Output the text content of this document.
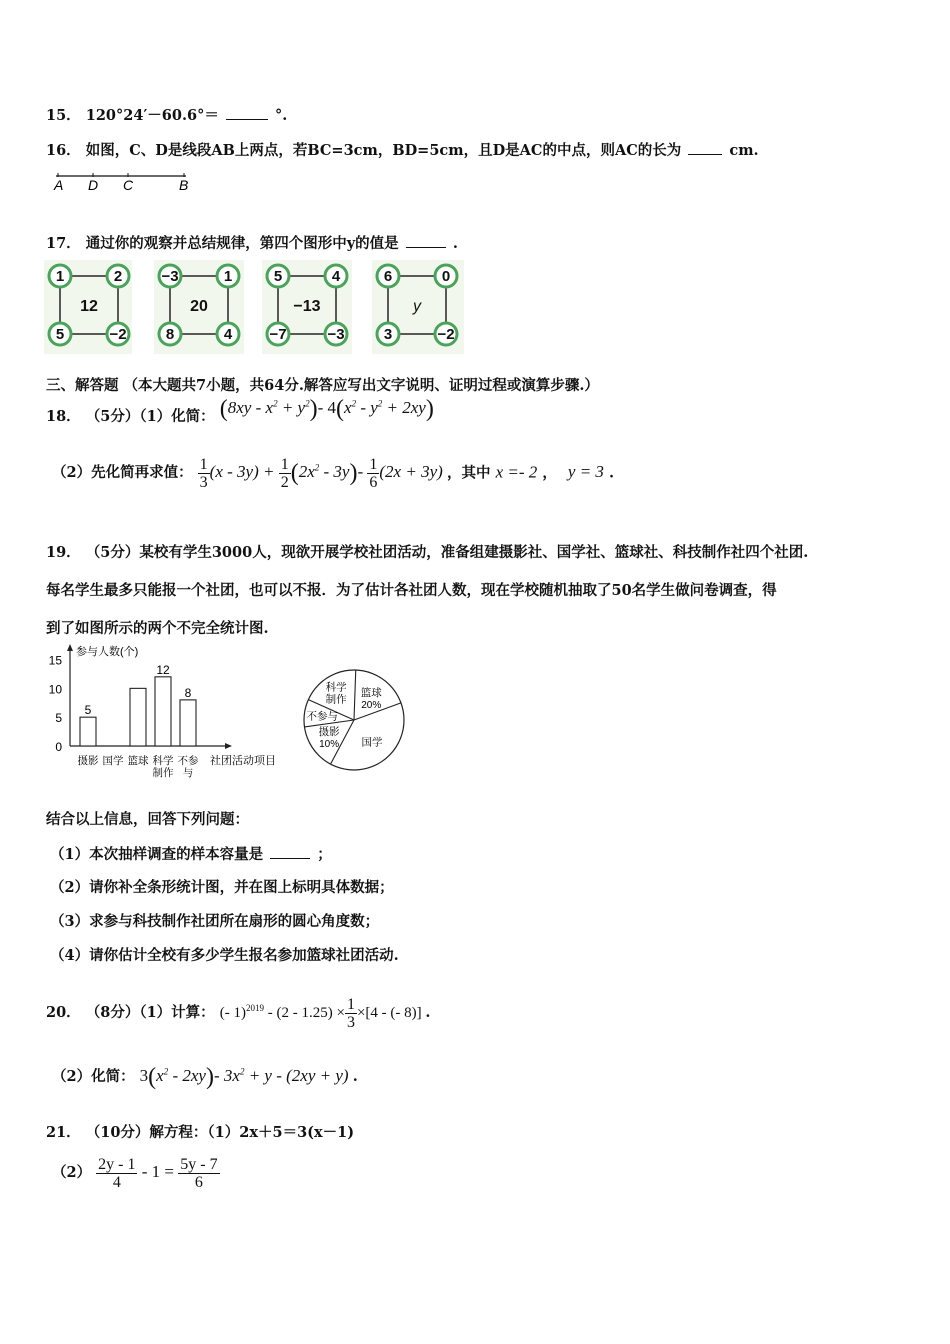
15． 120°24′－60.6°＝	°.
16． 如图，C、D是线段AB上两点，若BC=3cm，BD=5cm，且D是AC的中点，则AC的长为	cm.
A D C	B
17． 通过你的观察并总结规律，第四个图形中y的值是	.
1	2
5	−2
12
−3	1
8	4
20
5	4
−7	−3
−13
6	0
3	−2
y
三、解答题 （本大题共7小题，共64分.解答应写出文字说明、证明过程或演算步骤.）
18． （5分）（1）化简： $(8xy - x^2 + y^2)-$ $4(x^2 - y^2 + 2xy)$
（2）先化简再求值： $\frac{1}{3} (x - 3y) + \frac{1}{2} (2x^2 - 3y)- \frac{1}{6} (2x + 3y)$ ，其中 x =- 2 ， y = 3 .
19． （5分）某校有学生3000人，现欲开展学校社团活动，准备组建摄影社、国学社、篮球社、科技制作社四个社团.
每名学生最多只能报一个社团，也可以不报．为了估计各社团人数，现在学校随机抽取了50名学生做问卷调查，得
到了如图所示的两个不完全统计图.
参与人数(个)
社团活动项目
0
5
10
15
5
12
8
摄影 国学 篮球 科学
制作
不参
与
篮球
20%
国学
摄影
10%
不参与
科学
制作
结合以上信息，回答下列问题：
（1）本次抽样调查的样本容量是	；
（2）请你补全条形统计图，并在图上标明具体数据；
（3）求参与科技制作社团所在扇形的圆心角度数；
（4）请你估计全校有多少学生报名参加篮球社团活动.
20． （8分）（1）计算： (- $1)^{2019} - (2 - 1.25) \times \frac{1}{3} \times[4$ - (- 8)] .
（2）化简： $3(x^2 - 2xy)-$ $3x^2 + y - (2xy + y)$ .
21． （10分）解方程：（1）2x＋5＝3(x－1)
$(2) \frac{2y - 1}{4} - 1 = \frac{5y - 7}{6}$
